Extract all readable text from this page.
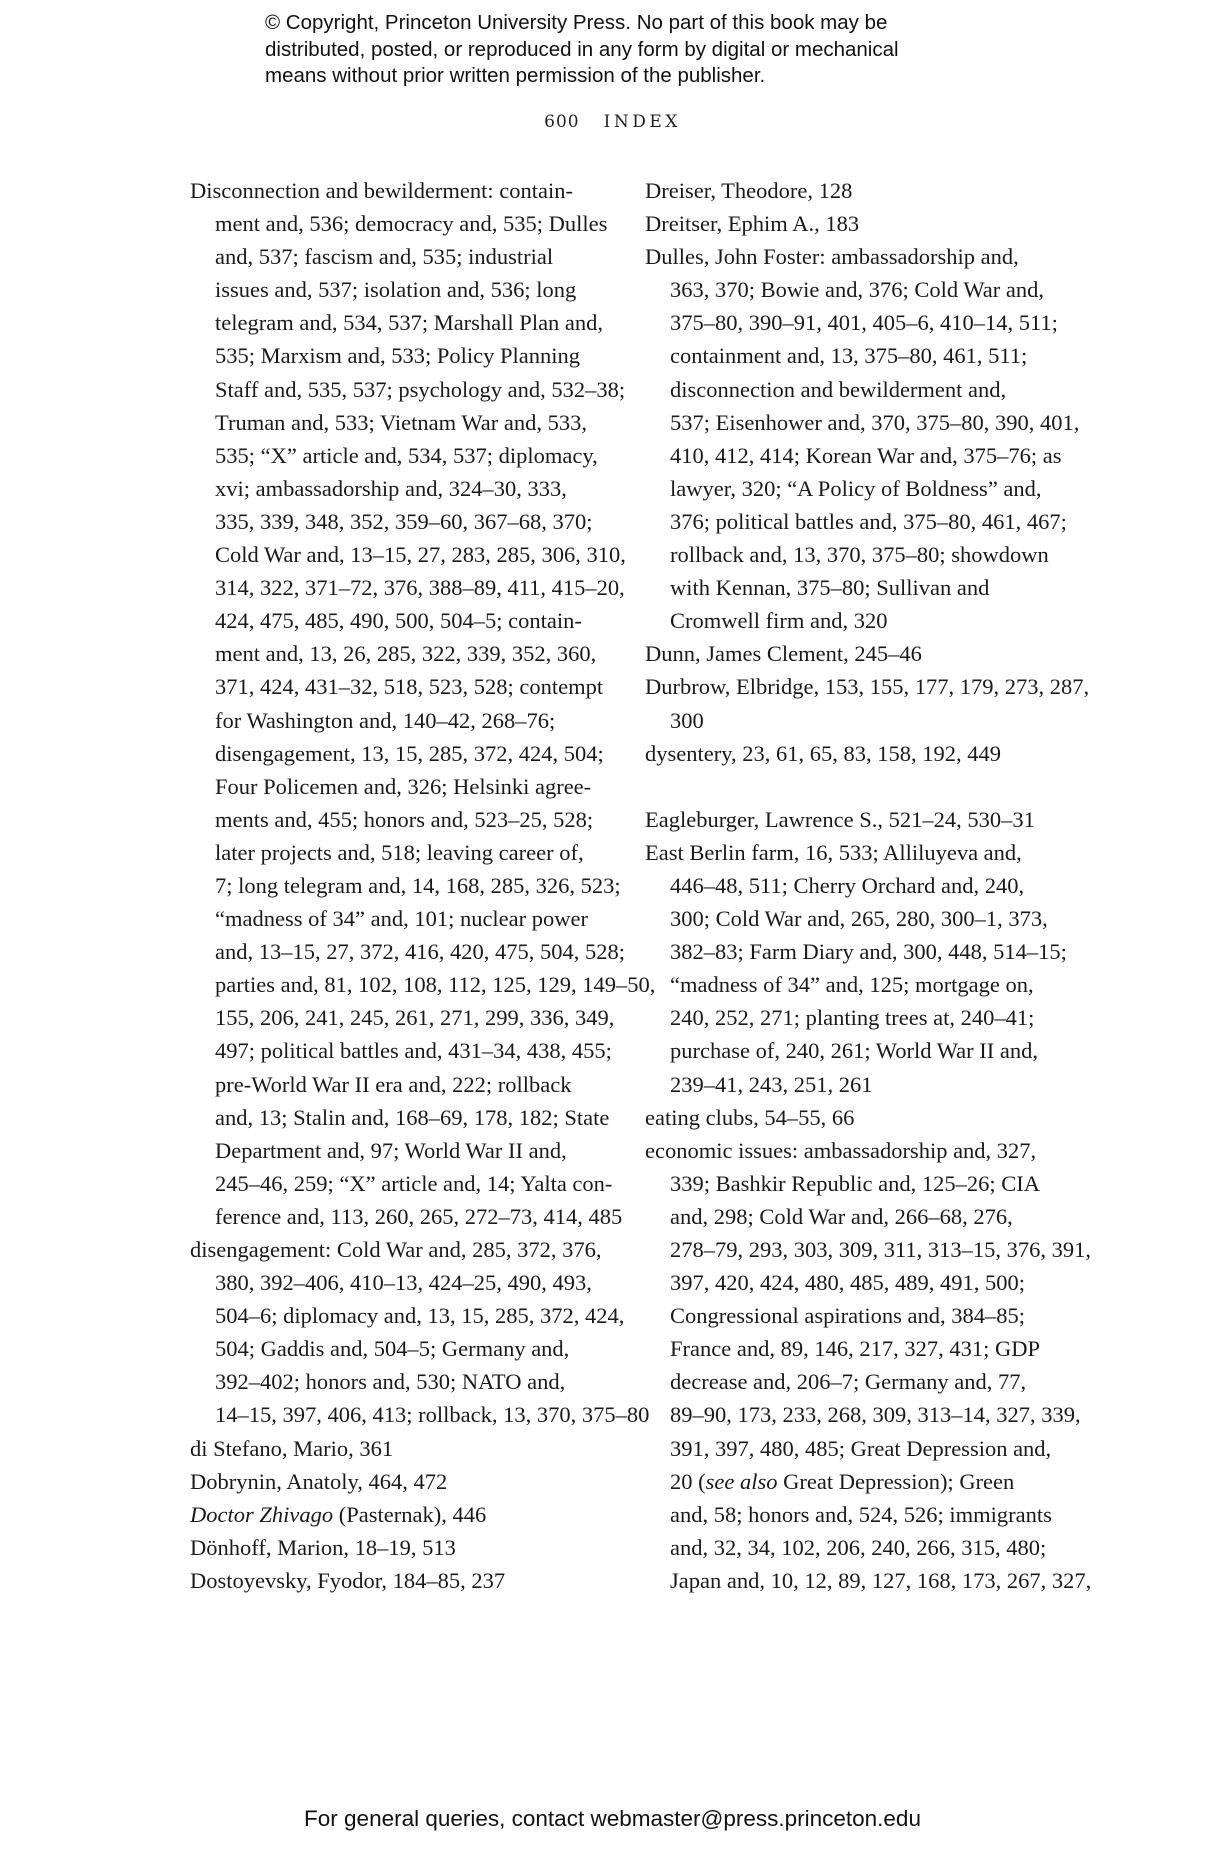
© Copyright, Princeton University Press. No part of this book may be
distributed, posted, or reproduced in any form by digital or mechanical
means without prior written permission of the publisher.
600 INDEX

Disconnection and bewilderment: contain-
ment and, 536; democracy and, 535; Dulles
and, 537; fascism and, 535; industrial
issues and, 537; isolation and, 536; long
telegram and, 534, 537; Marshall Plan and,
535; Marxism and, 533; Policy Planning
Staff and, 535, 537; psychology and, 532–38;
Truman and, 533; Vietnam War and, 533,
535; “X” article and, 534, 537; diplomacy,
xvi; ambassadorship and, 324–30, 333,
335, 339, 348, 352, 359–60, 367–68, 370;
Cold War and, 13–15, 27, 283, 285, 306, 310,
314, 322, 371–72, 376, 388–89, 411, 415–20,
424, 475, 485, 490, 500, 504–5; contain-
ment and, 13, 26, 285, 322, 339, 352, 360,
371, 424, 431–32, 518, 523, 528; contempt
for Washington and, 140–42, 268–76;
disengagement, 13, 15, 285, 372, 424, 504;
Four Policemen and, 326; Helsinki agree-
ments and, 455; honors and, 523–25, 528;
later projects and, 518; leaving career of,
7; long telegram and, 14, 168, 285, 326, 523;
“madness of 34” and, 101; nuclear power
and, 13–15, 27, 372, 416, 420, 475, 504, 528;
parties and, 81, 102, 108, 112, 125, 129, 149–50,
155, 206, 241, 245, 261, 271, 299, 336, 349,
497; political battles and, 431–34, 438, 455;
pre-World War II era and, 222; rollback
and, 13; Stalin and, 168–69, 178, 182; State
Department and, 97; World War II and,
245–46, 259; “X” article and, 14; Yalta con-
ference and, 113, 260, 265, 272–73, 414, 485

disengagement: Cold War and, 285, 372, 376,
380, 392–406, 410–13, 424–25, 490, 493,
504–6; diplomacy and, 13, 15, 285, 372, 424,
504; Gaddis and, 504–5; Germany and,
392–402; honors and, 530; NATO and,
14–15, 397, 406, 413; rollback, 13, 370, 375–80

di Stefano, Mario, 361

Dobrynin, Anatoly, 464, 472

Doctor Zhivago (Pasternak), 446

Dönhoff, Marion, 18–19, 513

Dostoyevsky, Fyodor, 184–85, 237

Dreiser, Theodore, 128

Dreitser, Ephim A., 183

Dulles, John Foster: ambassadorship and,
363, 370; Bowie and, 376; Cold War and,
375–80, 390–91, 401, 405–6, 410–14, 511;
containment and, 13, 375–80, 461, 511;
disconnection and bewilderment and,
537; Eisenhower and, 370, 375–80, 390, 401,
410, 412, 414; Korean War and, 375–76; as
lawyer, 320; “A Policy of Boldness” and,
376; political battles and, 375–80, 461, 467;
rollback and, 13, 370, 375–80; showdown
with Kennan, 375–80; Sullivan and
Cromwell firm and, 320

Dunn, James Clement, 245–46

Durbrow, Elbridge, 153, 155, 177, 179, 273, 287,
300

dysentery, 23, 61, 65, 83, 158, 192, 449

Eagleburger, Lawrence S., 521–24, 530–31

East Berlin farm, 16, 533; Alliluyeva and,
446–48, 511; Cherry Orchard and, 240,
300; Cold War and, 265, 280, 300–1, 373,
382–83; Farm Diary and, 300, 448, 514–15;
“madness of 34” and, 125; mortgage on,
240, 252, 271; planting trees at, 240–41;
purchase of, 240, 261; World War II and,
239–41, 243, 251, 261

eating clubs, 54–55, 66

economic issues: ambassadorship and, 327,
339; Bashkir Republic and, 125–26; CIA
and, 298; Cold War and, 266–68, 276,
278–79, 293, 303, 309, 311, 313–15, 376, 391,
397, 420, 424, 480, 485, 489, 491, 500;
Congressional aspirations and, 384–85;
France and, 89, 146, 217, 327, 431; GDP
decrease and, 206–7; Germany and, 77,
89–90, 173, 233, 268, 309, 313–14, 327, 339,
391, 397, 480, 485; Great Depression and,
20 (see also Great Depression); Green
and, 58; honors and, 524, 526; immigrants
and, 32, 34, 102, 206, 240, 266, 315, 480;
Japan and, 10, 12, 89, 127, 168, 173, 267, 327,

For general queries, contact webmaster@press.princeton.edu
